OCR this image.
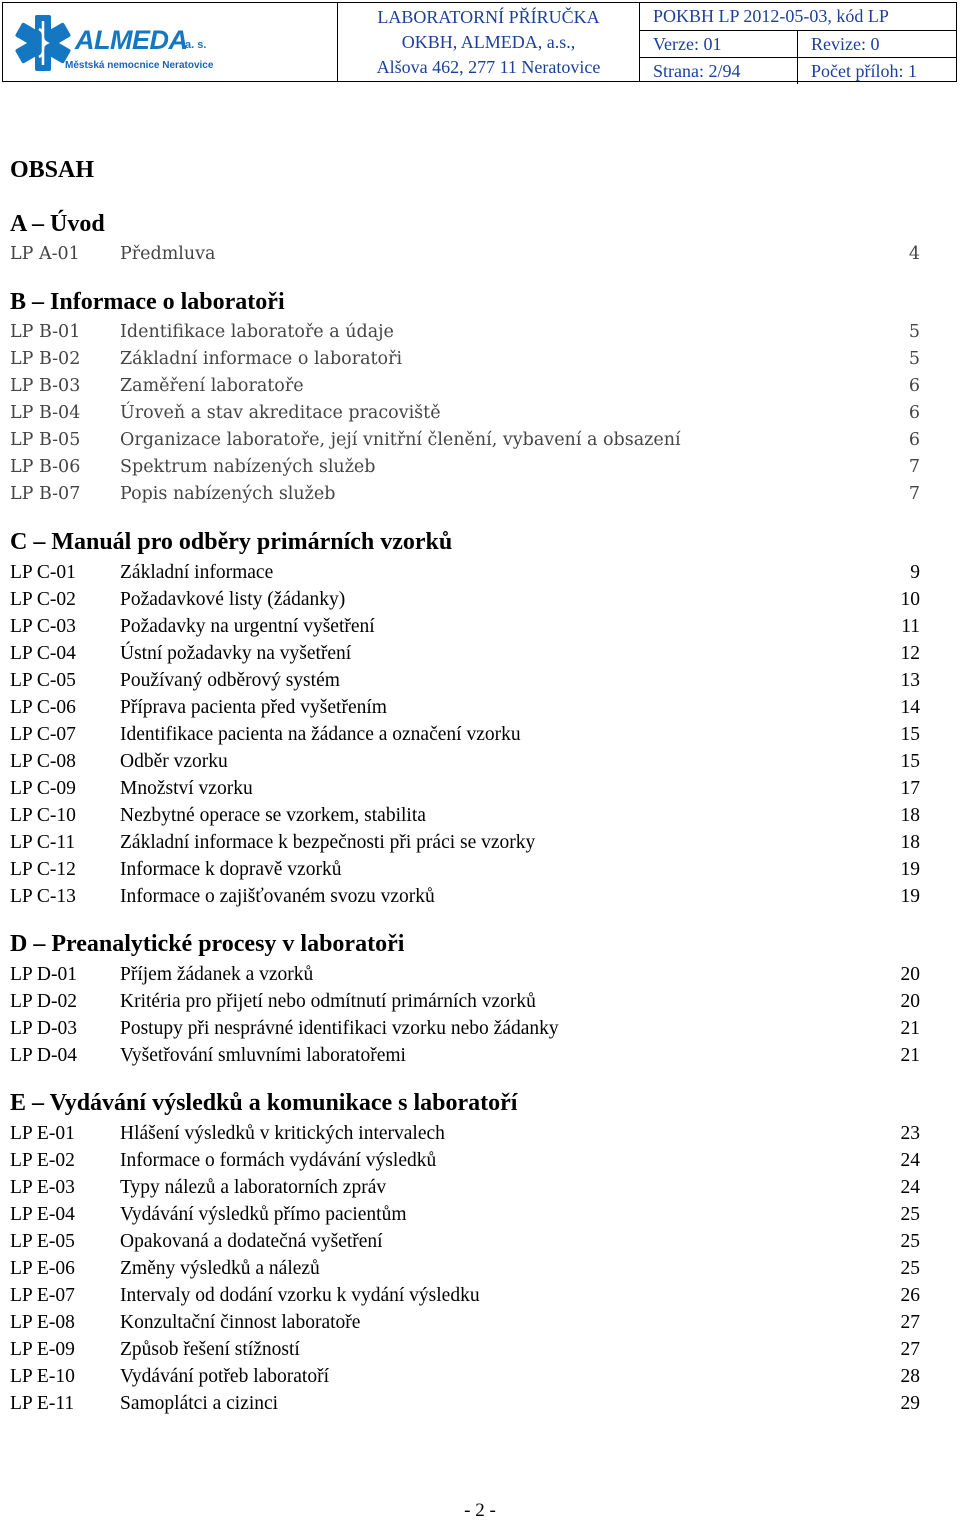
ALMEDA
a. s.
Městská nemocnice Neratovice
LABORATORNÍ PŘÍRUČKA
OKBH, ALMEDA, a.s.,
Alšova 462, 277 11 Neratovice
POKBH LP 2012-05-03, kód LP
Verze: 01	Revize: 0
Strana: 2/94	Počet příloh: 1
OBSAH
A – Úvod
LP A-01 Předmluva	4
B – Informace o laboratoři
LP B-01 Identifikace laboratoře a údaje	5
LP B-02 Základní informace o laboratoři	5
LP B-03 Zaměření laboratoře	6
LP B-04 Úroveň a stav akreditace pracoviště	6
LP B-05 Organizace laboratoře, její vnitřní členění, vybavení a obsazení	6
LP B-06 Spektrum nabízených služeb	7
LP B-07 Popis nabízených služeb	7
C – Manuál pro odběry primárních vzorků
LP C-01 Základní informace	9
LP C-02 Požadavkové listy (žádanky)	10
LP C-03 Požadavky na urgentní vyšetření	11
LP C-04 Ústní požadavky na vyšetření	12
LP C-05 Používaný odběrový systém	13
LP C-06 Příprava pacienta před vyšetřením	14
LP C-07 Identifikace pacienta na žádance a označení vzorku	15
LP C-08 Odběr vzorku	15
LP C-09 Množství vzorku	17
LP C-10 Nezbytné operace se vzorkem, stabilita	18
LP C-11 Základní informace k bezpečnosti při práci se vzorky	18
LP C-12 Informace k dopravě vzorků	19
LP C-13 Informace o zajišťovaném svozu vzorků	19
D – Preanalytické procesy v laboratoři
LP D-01 Příjem žádanek a vzorků	20
LP D-02 Kritéria pro přijetí nebo odmítnutí primárních vzorků	20
LP D-03 Postupy při nesprávné identifikaci vzorku nebo žádanky	21
LP D-04 Vyšetřování smluvními laboratořemi	21
E – Vydávání výsledků a komunikace s laboratoří
LP E-01 Hlášení výsledků v kritických intervalech	23
LP E-02 Informace o formách vydávání výsledků	24
LP E-03 Typy nálezů a laboratorních zpráv	24
LP E-04 Vydávání výsledků přímo pacientům	25
LP E-05 Opakovaná a dodatečná vyšetření	25
LP E-06 Změny výsledků a nálezů	25
LP E-07 Intervaly od dodání vzorku k vydání výsledku	26
LP E-08 Konzultační činnost laboratoře	27
LP E-09 Způsob řešení stížností	27
LP E-10 Vydávání potřeb laboratoří	28
LP E-11 Samoplátci a cizinci	29
- 2 -
